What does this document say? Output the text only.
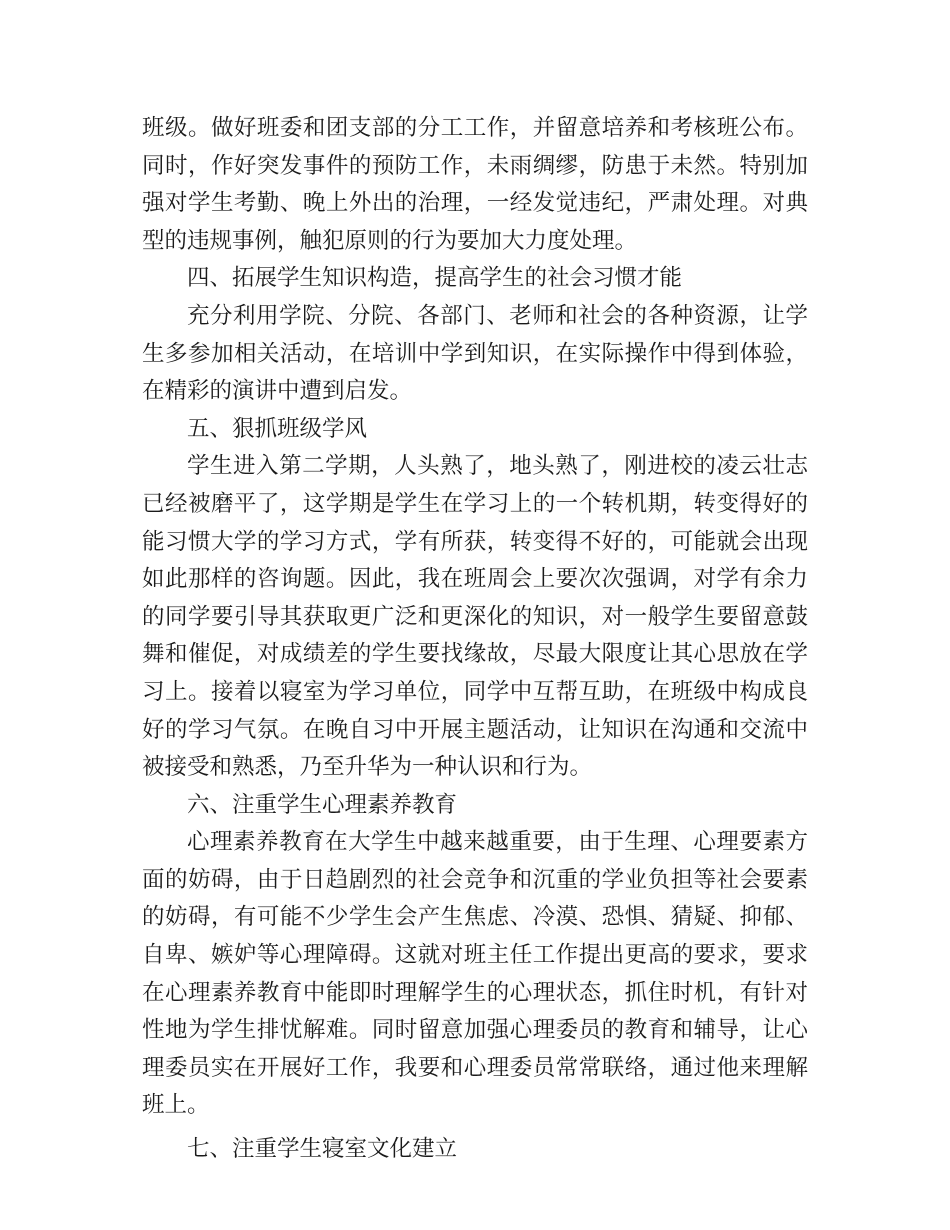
班级。做好班委和团支部的分工工作，并留意培养和考核班公布。同时，作好突发事件的预防工作，未雨绸缪，防患于未然。特别加强对学生考勤、晚上外出的治理，一经发觉违纪，严肃处理。对典型的违规事例，触犯原则的行为要加大力度处理。

四、拓展学生知识构造，提高学生的社会习惯才能

充分利用学院、分院、各部门、老师和社会的各种资源，让学生多参加相关活动，在培训中学到知识，在实际操作中得到体验，在精彩的演讲中遭到启发。

五、狠抓班级学风

学生进入第二学期，人头熟了，地头熟了，刚进校的凌云壮志已经被磨平了，这学期是学生在学习上的一个转机期，转变得好的能习惯大学的学习方式，学有所获，转变得不好的，可能就会出现如此那样的咨询题。因此，我在班周会上要次次强调，对学有余力的同学要引导其获取更广泛和更深化的知识，对一般学生要留意鼓舞和催促，对成绩差的学生要找缘故，尽最大限度让其心思放在学习上。接着以寝室为学习单位，同学中互帮互助，在班级中构成良好的学习气氛。在晚自习中开展主题活动，让知识在沟通和交流中被接受和熟悉，乃至升华为一种认识和行为。

六、注重学生心理素养教育

心理素养教育在大学生中越来越重要，由于生理、心理要素方面的妨碍，由于日趋剧烈的社会竞争和沉重的学业负担等社会要素的妨碍，有可能不少学生会产生焦虑、冷漠、恐惧、猜疑、抑郁、自卑、嫉妒等心理障碍。这就对班主任工作提出更高的要求，要求在心理素养教育中能即时理解学生的心理状态，抓住时机，有针对性地为学生排忧解难。同时留意加强心理委员的教育和辅导，让心理委员实在开展好工作，我要和心理委员常常联络，通过他来理解班上。

七、注重学生寝室文化建立
